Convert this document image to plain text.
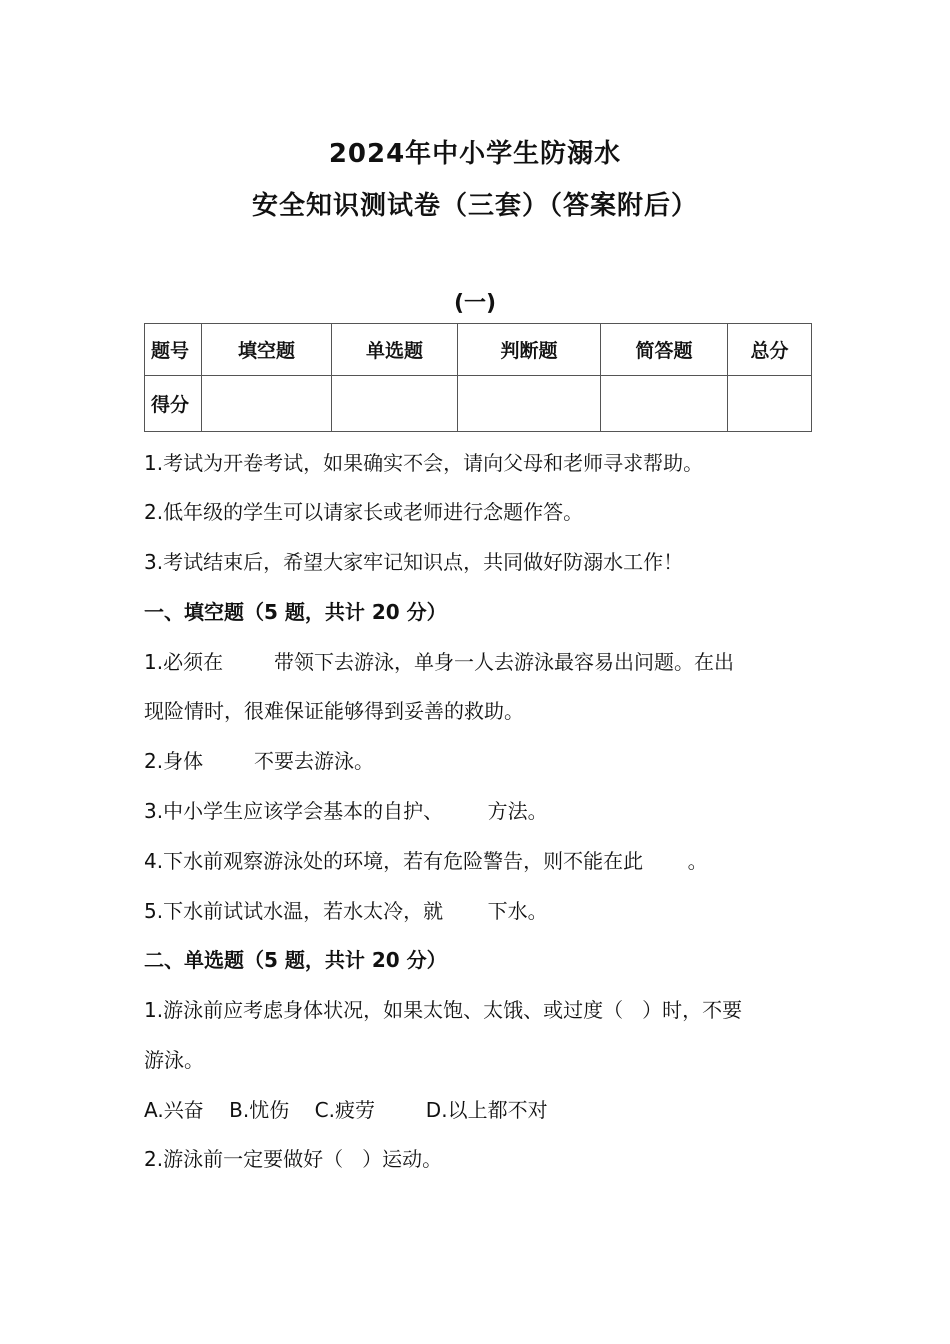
2024年中小学生防溺水
安全知识测试卷（三套）（答案附后）
(一)
题号	填空题	单选题	判断题	简答题	总分
得分					
1.考试为开卷考试，如果确实不会，请向父母和老师寻求帮助。
2.低年级的学生可以请家长或老师进行念题作答。
3.考试结束后，希望大家牢记知识点，共同做好防溺水工作！
一、填空题（5 题，共计 20 分）
1.必须在        带领下去游泳，单身一人去游泳最容易出问题。在出
现险情时，很难保证能够得到妥善的救助。
2.身体        不要去游泳。
3.中小学生应该学会基本的自护、       方法。
4.下水前观察游泳处的环境，若有危险警告，则不能在此       。
5.下水前试试水温，若水太冷，就       下水。
二、单选题（5 题，共计 20 分）
1.游泳前应考虑身体状况，如果太饱、太饿、或过度（   ）时，不要
游泳。
A.兴奋    B.忧伤    C.疲劳        D.以上都不对
2.游泳前一定要做好（   ）运动。
